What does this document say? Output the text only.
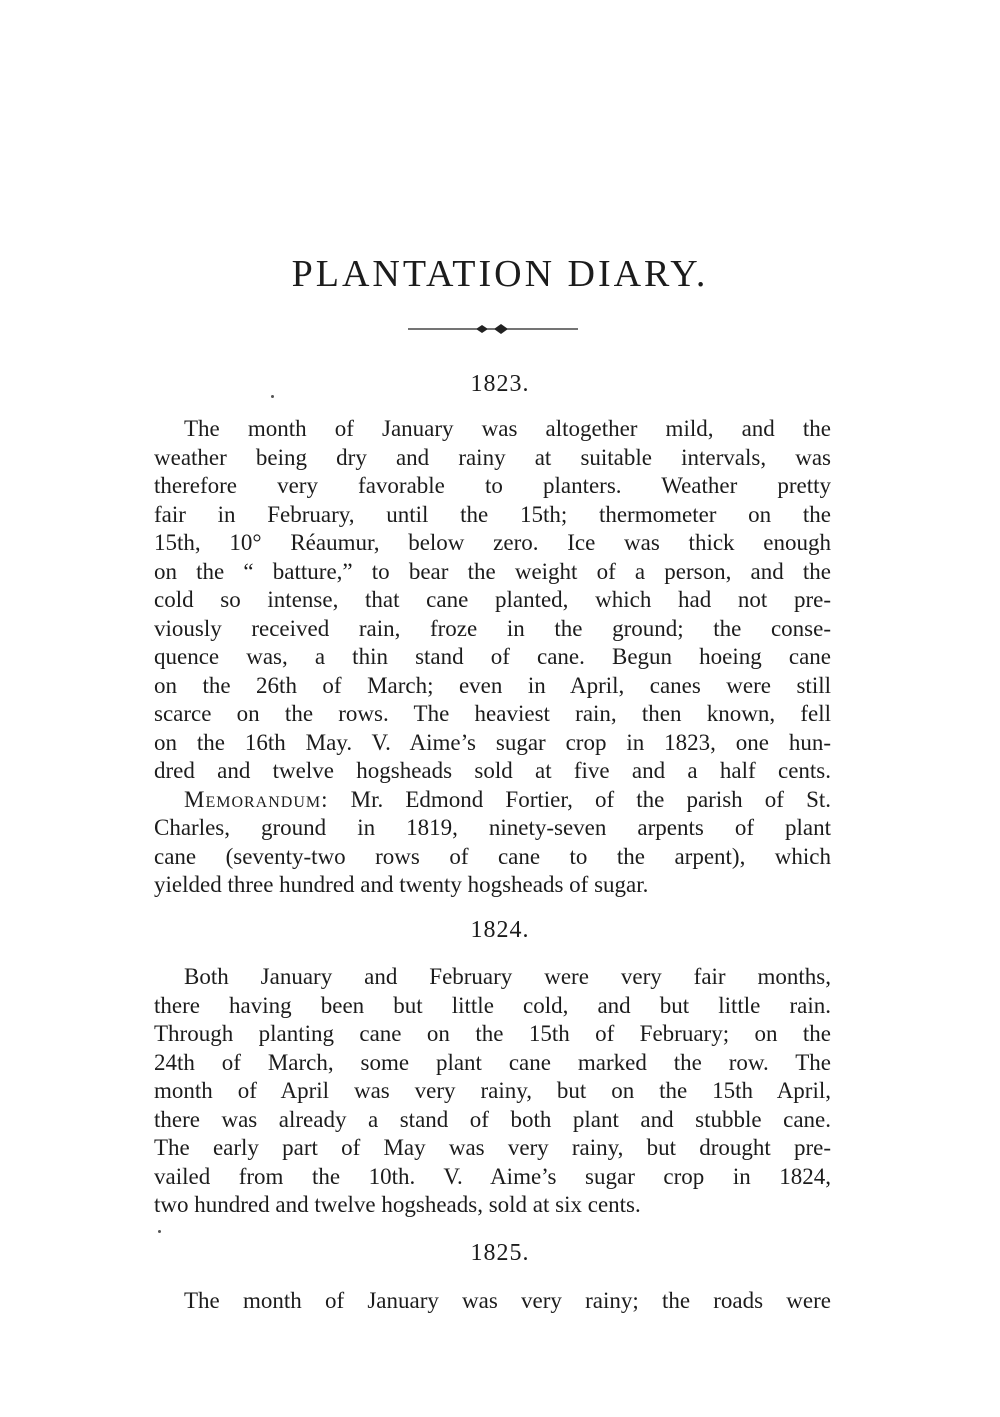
PLANTATION DIARY.
1823.
The month of January was altogether mild, and the
weather being dry and rainy at suitable intervals, was
therefore very favorable to planters. Weather pretty
fair in February, until the 15th; thermometer on the
15th, 10° Réaumur, below zero. Ice was thick enough
on the “ batture,” to bear the weight of a person, and the
cold so intense, that cane planted, which had not pre-
viously received rain, froze in the ground; the conse-
quence was, a thin stand of cane. Begun hoeing cane
on the 26th of March; even in April, canes were still
scarce on the rows. The heaviest rain, then known, fell
on the 16th May. V. Aime’s sugar crop in 1823, one hun-
dred and twelve hogsheads sold at five and a half cents.
Memorandum: Mr. Edmond Fortier, of the parish of St.
Charles, ground in 1819, ninety-seven arpents of plant
cane (seventy-two rows of cane to the arpent), which
yielded three hundred and twenty hogsheads of sugar.
1824.
Both January and February were very fair months,
there having been but little cold, and but little rain.
Through planting cane on the 15th of February; on the
24th of March, some plant cane marked the row. The
month of April was very rainy, but on the 15th April,
there was already a stand of both plant and stubble cane.
The early part of May was very rainy, but drought pre-
vailed from the 10th. V. Aime’s sugar crop in 1824,
two hundred and twelve hogsheads, sold at six cents.
1825.
The month of January was very rainy; the roads were
